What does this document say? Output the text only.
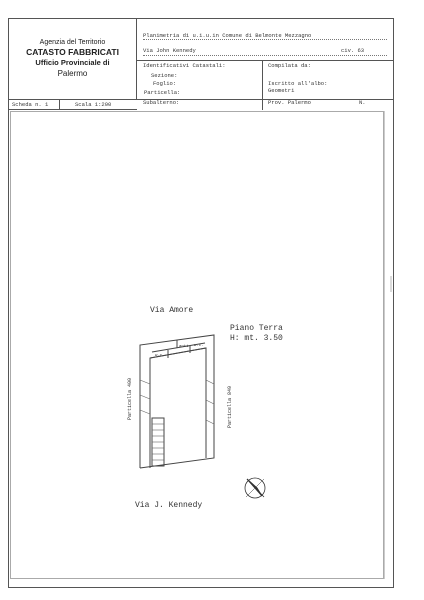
Agenzia del Territorio
CATASTO FABBRICATI
Ufficio Provinciale di
Palermo
Planimetria di u.i.u.in Comune di Belmonte Mezzagno
Via John Kennedy	civ. 63
Identificativi Catastali:
Sezione:
Foglio:
Particella:
Subalterno:
Compilata da:
Iscritto all'albo:
Geometri
Prov. Palermo	N.
Scheda n. 1	Scala 1:200
Via Amore
Piano Terra
H: mt. 3.50
w.c.
w.c.
anti
Particella 400	Particella 849
Via J. Kennedy
